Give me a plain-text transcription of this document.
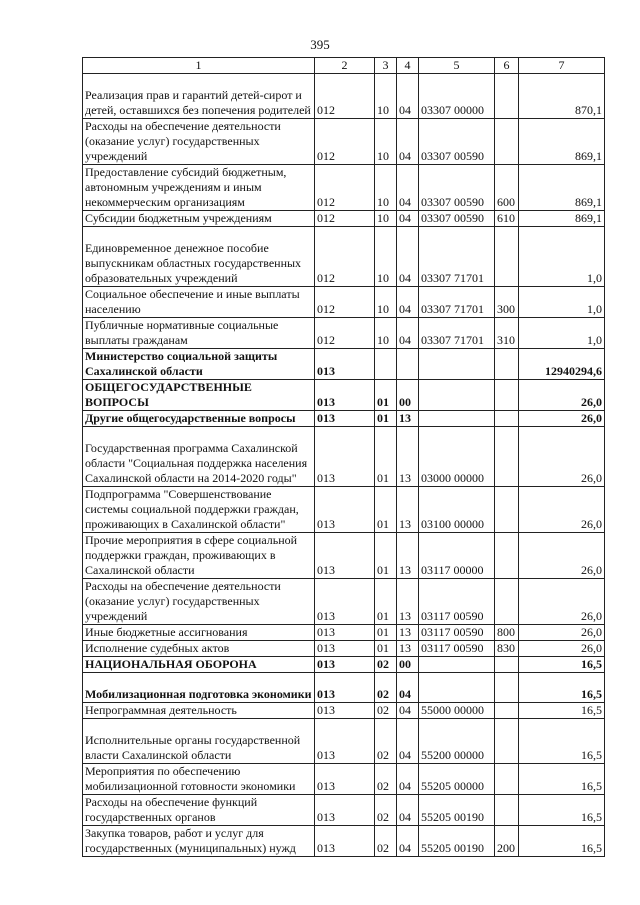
395
1	2	3	4	5	6	7
Реализация прав и гарантий детей-сирот и детей, оставшихся без попечения родителей	012	10	04	03307 00000		870,1
Расходы на обеспечение деятельности (оказание услуг) государственных учреждений	012	10	04	03307 00590		869,1
Предоставление субсидий бюджетным, автономным учреждениям и иным некоммерческим организациям	012	10	04	03307 00590	600	869,1
Субсидии бюджетным учреждениям	012	10	04	03307 00590	610	869,1
Единовременное денежное пособие выпускникам областных государственных образовательных учреждений	012	10	04	03307 71701		1,0
Социальное обеспечение и иные выплаты населению	012	10	04	03307 71701	300	1,0
Публичные нормативные социальные выплаты гражданам	012	10	04	03307 71701	310	1,0
Министерство социальной защиты Сахалинской области	013					12940294,6
ОБЩЕГОСУДАРСТВЕННЫЕ ВОПРОСЫ	013	01	00			26,0
Другие общегосударственные вопросы	013	01	13			26,0
Государственная программа Сахалинской области "Социальная поддержка населения Сахалинской области на 2014-2020 годы"	013	01	13	03000 00000		26,0
Подпрограмма "Совершенствование системы социальной поддержки граждан, проживающих в Сахалинской области"	013	01	13	03100 00000		26,0
Прочие мероприятия в сфере социальной поддержки граждан, проживающих в Сахалинской области	013	01	13	03117 00000		26,0
Расходы на обеспечение деятельности (оказание услуг) государственных учреждений	013	01	13	03117 00590		26,0
Иные бюджетные ассигнования	013	01	13	03117 00590	800	26,0
Исполнение судебных актов	013	01	13	03117 00590	830	26,0
НАЦИОНАЛЬНАЯ ОБОРОНА	013	02	00			16,5
Мобилизационная подготовка экономики	013	02	04			16,5
Непрограммная деятельность	013	02	04	55000 00000		16,5
Исполнительные органы государственной власти Сахалинской области	013	02	04	55200 00000		16,5
Мероприятия по обеспечению мобилизационной готовности экономики	013	02	04	55205 00000		16,5
Расходы на обеспечение функций государственных органов	013	02	04	55205 00190		16,5
Закупка товаров, работ и услуг для государственных (муниципальных) нужд	013	02	04	55205 00190	200	16,5
